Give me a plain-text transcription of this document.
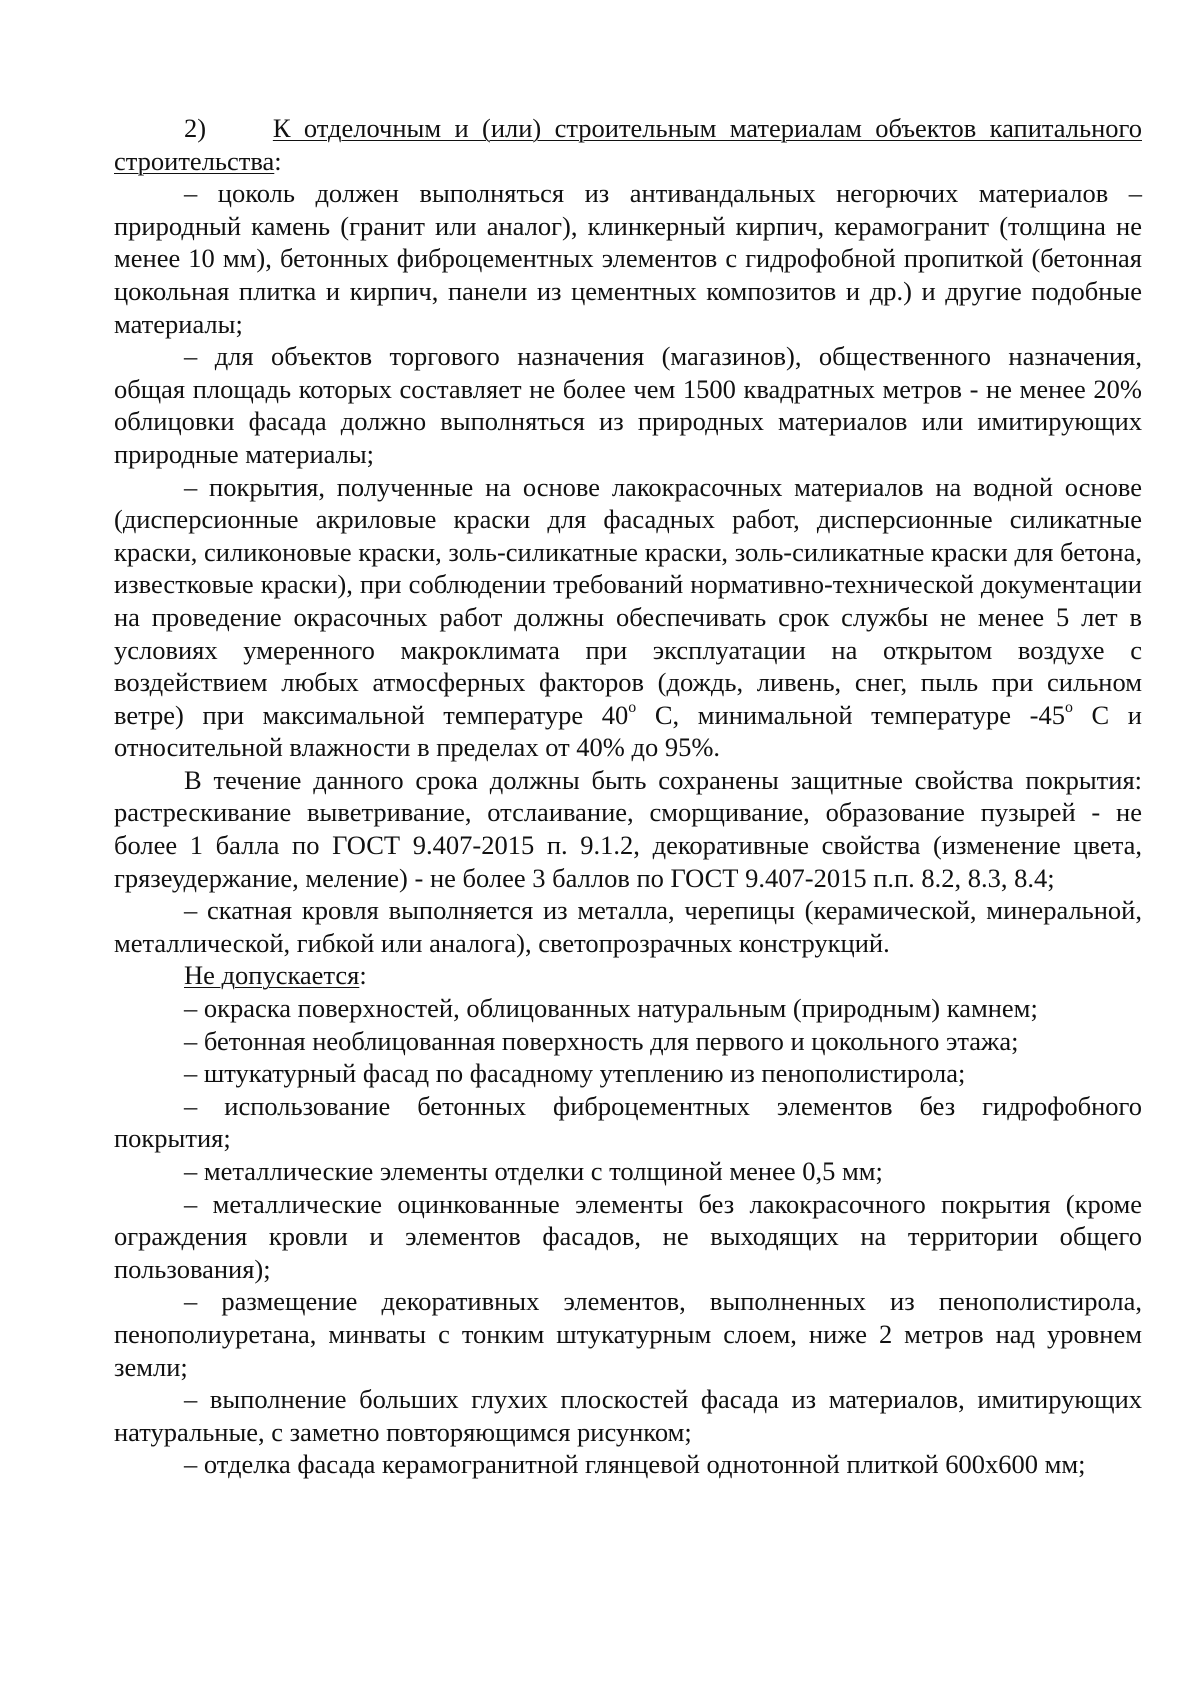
2)	К отделочным и (или) строительным материалам объектов капитального строительства:

– цоколь должен выполняться из антивандальных негорючих материалов – природный камень (гранит или аналог), клинкерный кирпич, керамогранит (толщина не менее 10 мм), бетонных фиброцементных элементов с гидрофобной пропиткой (бетонная цокольная плитка и кирпич, панели из цементных композитов и др.) и другие подобные материалы;

– для объектов торгового назначения (магазинов), общественного назначения, общая площадь которых составляет не более чем 1500 квадратных метров - не менее 20% облицовки фасада должно выполняться из природных материалов или имитирующих природные материалы;

– покрытия, полученные на основе лакокрасочных материалов на водной основе (дисперсионные акриловые краски для фасадных работ, дисперсионные силикатные краски, силиконовые краски, золь-силикатные краски, золь-силикатные краски для бетона, известковые краски), при соблюдении требований нормативно-технической документации на проведение окрасочных работ должны обеспечивать срок службы не менее 5 лет в условиях умеренного макроклимата при эксплуатации на открытом воздухе с воздействием любых атмосферных факторов (дождь, ливень, снег, пыль при сильном ветре) при максимальной температуре $40^о$ С, минимальной температуре $-45^о$ С и относительной влажности в пределах от 40% до 95%.

В течение данного срока должны быть сохранены защитные свойства покрытия: растрескивание выветривание, отслаивание, сморщивание, образование пузырей - не более 1 балла по ГОСТ 9.407-2015 п. 9.1.2, декоративные свойства (изменение цвета, грязеудержание, меление) - не более 3 баллов по ГОСТ 9.407-2015 п.п. 8.2, 8.3, 8.4;

– скатная кровля выполняется из металла, черепицы (керамической, минеральной, металлической, гибкой или аналога), светопрозрачных конструкций.

Не допускается:

– окраска поверхностей, облицованных натуральным (природным) камнем;

– бетонная необлицованная поверхность для первого и цокольного этажа;

– штукатурный фасад по фасадному утеплению из пенополистирола;

– использование бетонных фиброцементных элементов без гидрофобного покрытия;

– металлические элементы отделки с толщиной менее 0,5 мм;

– металлические оцинкованные элементы без лакокрасочного покрытия (кроме ограждения кровли и элементов фасадов, не выходящих на территории общего пользования);

– размещение декоративных элементов, выполненных из пенополистирола, пенополиуретана, минваты с тонким штукатурным слоем, ниже 2 метров над уровнем земли;

– выполнение больших глухих плоскостей фасада из материалов, имитирующих натуральные, с заметно повторяющимся рисунком;

– отделка фасада керамогранитной глянцевой однотонной плиткой 600х600 мм;
